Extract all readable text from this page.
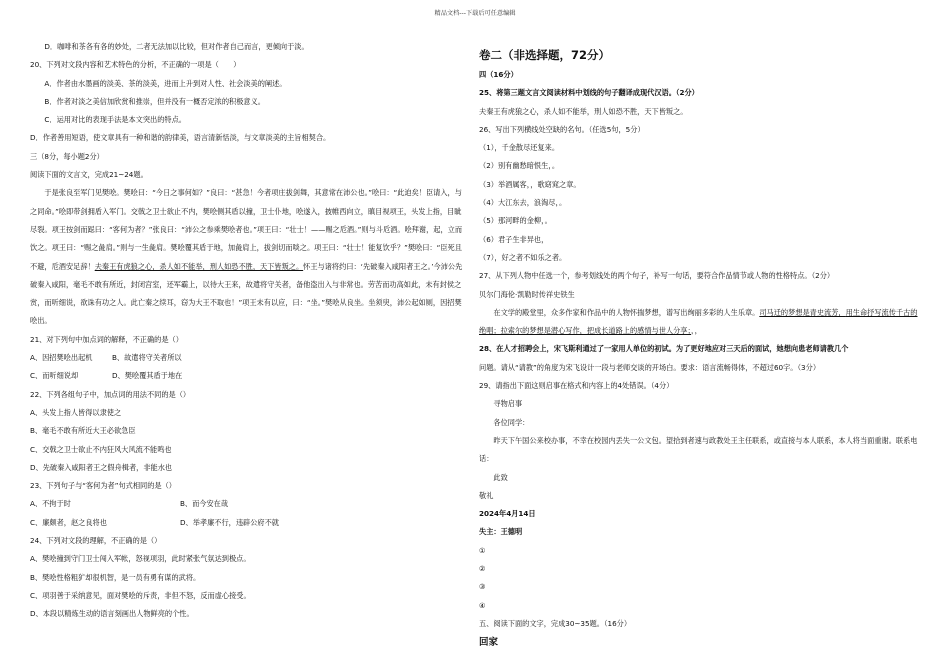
精品文档---下载后可任意编辑

D．咖啡和茶各有各的妙处，二者无法加以比较，但对作者自己而言，更倾向于淡。

20、下列对文段内容和艺术特色的分析，不正确的一项是（　　）

A．作者由水墨画的淡美、茶的淡美，进而上升到对人性、社会淡美的阐述。

B．作者对淡之美信加欣赏和推崇，但并没有一概否定浓的积极意义。

C．运用对比的表现手法是本文突出的特点。

D．作者善用短语，使文章具有一种和谐的韵律美，语言清新恬淡，与文章淡美的主旨相契合。

三（8分，每小题2分）

阅读下面的文言文，完成21~24题。

于是张良至军门见樊哙。樊哙曰：“今日之事何如？”良曰：“甚急！今者项庄拔剑舞，其意常在沛公也。”哙曰：“此迫矣！臣请入，与之同命。”哙即带剑拥盾入军门。交戟之卫士欲止不内，樊哙侧其盾以撞，卫士仆地，哙遂入，披帷西向立，瞋目视项王，头发上指，目眦尽裂。项王按剑而跽曰：“客何为者？”张良曰：“沛公之参乘樊哙者也。”项王曰：“壮士！——赐之卮酒。”则与斗卮酒。哙拜谢，起，立而饮之。项王曰：“赐之彘肩。”则与一生彘肩。樊哙覆其盾于地，加彘肩上，拔剑切而啖之。项王曰：“壮士！能复饮乎？”樊哙曰：“臣死且不避，卮酒安足辞！夫秦王有虎狼之心，杀人如不能举，刑人如恐不胜，天下皆叛之。怀王与诸将约曰：‘先破秦入咸阳者王之。’今沛公先破秦入咸阳，毫毛不敢有所近，封闭宫室，还军霸上，以待大王来，故遣将守关者，备他盗出入与非常也。劳苦而功高如此，未有封侯之赏，而听细说，欲诛有功之人。此亡秦之续耳，窃为大王不取也！”项王未有以应，曰：“坐。”樊哙从良坐。坐须臾，沛公起如厕，因招樊哙出。

21、对下列句中加点词的解释，不正确的是（）

A、因招樊哙出起机	B、故遣将守关者所以
C、而听细说却	D、樊哙覆其盾于地在

22、下列各组句子中，加点词的用法不同的是（）

A、头发上指人皆得以隶使之

B、毫毛不敢有所近大王必欲急臣

C、交戟之卫士欲止不内狂风大风流不能鸣也

D、先破秦入咸阳者王之假舟楫者，非能水也

23、下列句子与“客何为者”句式相同的是（）

A、不拘于时	B、而今安在哉
C、廉颇者，赵之良将也	D、举孝廉不行，违辟公府不就

24、下列对文段的理解，不正确的是（）

A、樊哙撞到守门卫士闯入军帐，怒视项羽，此时紧张气氛达到极点。

B、樊哙性格粗犷却很机智，是一员有勇有谋的武将。

C、项羽善于采纳意见，面对樊哙的斥责，非但不怒，反而虚心接受。

D、本段以精炼生动的语言刻画出人物鲜亮的个性。

卷二（非选择题，72分）

四（16分）

25、将第三题文言文阅读材料中划线的句子翻译成现代汉语。（2分）

夫秦王有虎狼之心，杀人如不能举，刑人如恐不胜，天下皆叛之。

26、写出下列横线处空缺的名句。（任选5句，5分）

（1），千金散尽还复来。

（2）别有幽愁暗恨生，。

（3）举酒属客，，歌窈窕之章。

（4）大江东去，浪淘尽，。

（5）那河畔的金柳，。

（6）君子生非异也，

（7），好之者不如乐之者。

27、从下列人物中任选一个，参考划线处的两个句子，补写一句话，要符合作品情节或人物的性格特点。（2分）

贝尔门海伦·凯勒时传祥史铁生

在文学的殿堂里，众多作家和作品中的人物怀揣梦想，谱写出绚丽多彩的人生乐章。司马迁的梦想是青史流芳，用生命抒写流传千古的绝唱；拉索尔的梦想是潜心写作，把成长道路上的感情与世人分享；，，

28、在人才招聘会上，宋飞斯利通过了一家用人单位的初试。为了更好地应对三天后的面试，她想向患老师请教几个

问题。请从“请教”的角度为宋飞设计一段与老师交谈的开场白。要求：语言流畅得体，不超过60字。（3分）

29、请指出下面这则启事在格式和内容上的4处错误。（4分）

寻物启事

各位同学：

昨天下午国公来校办事，不幸在校园内丢失一公文包。望拾到者速与政教处王主任联系，或直接与本人联系，本人将当面重谢。联系电话：

此致

敬礼

2024年4月14日

失主：王德明

①

②

③

④

五、阅读下面的文字，完成30~35题。（16分）

回家
